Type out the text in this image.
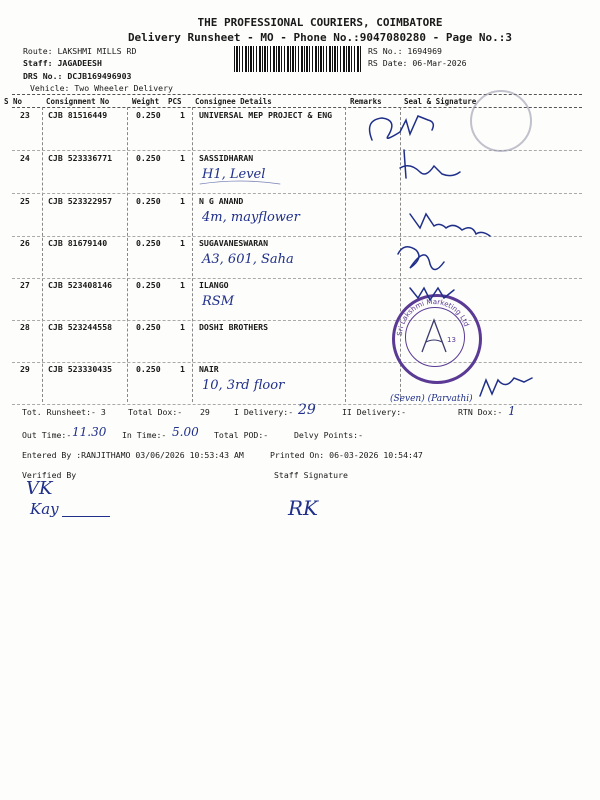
THE PROFESSIONAL COURIERS, COIMBATORE
Delivery Runsheet - MO - Phone No.:9047080280 - Page No.:3
Route: LAKSHMI MILLS RD
Staff: JAGADEESH
DRS No.: DCJB169496903
Vehicle: Two Wheeler Delivery
RS No.: 1694969
RS Date: 06-Mar-2026
S No	Consignment No	Weight PCS Consignee Details	Remarks	Seal & Signature
23 CJB 81516449	0.250 1 UNIVERSAL MEP PROJECT & ENG
24 CJB 523336771	0.250 1 SASSIDHARAN
H1, Level
25 CJB 523322957	0.250 1 N G ANAND
4m, mayflower
26 CJB 81679140	0.250 1 SUGAVANESWARAN
A3, 601, Saha
27 CJB 523408146	0.250 1 ILANGO
RSM
28 CJB 523244558	0.250 1 DOSHI BROTHERS
29 CJB 523330435	0.250 1 NAIR
10, 3rd floor
Sri Lakshmi Marketing Ltd
13
Tot. Runsheet:- 3	Total Dox:- 29	I Delivery:- 29	II Delivery:-
(Seven) (Parvathi)
RTN Dox:- 1
Out Time:- 11.30 In Time:- 5.00 Total POD:-	Delvy Points:-
Entered By :RANJITHAMO 03/06/2026 10:53:43 AM	Printed On: 06-03-2026 10:54:47
Verified By	Staff Signature
VK
Kay	RK
